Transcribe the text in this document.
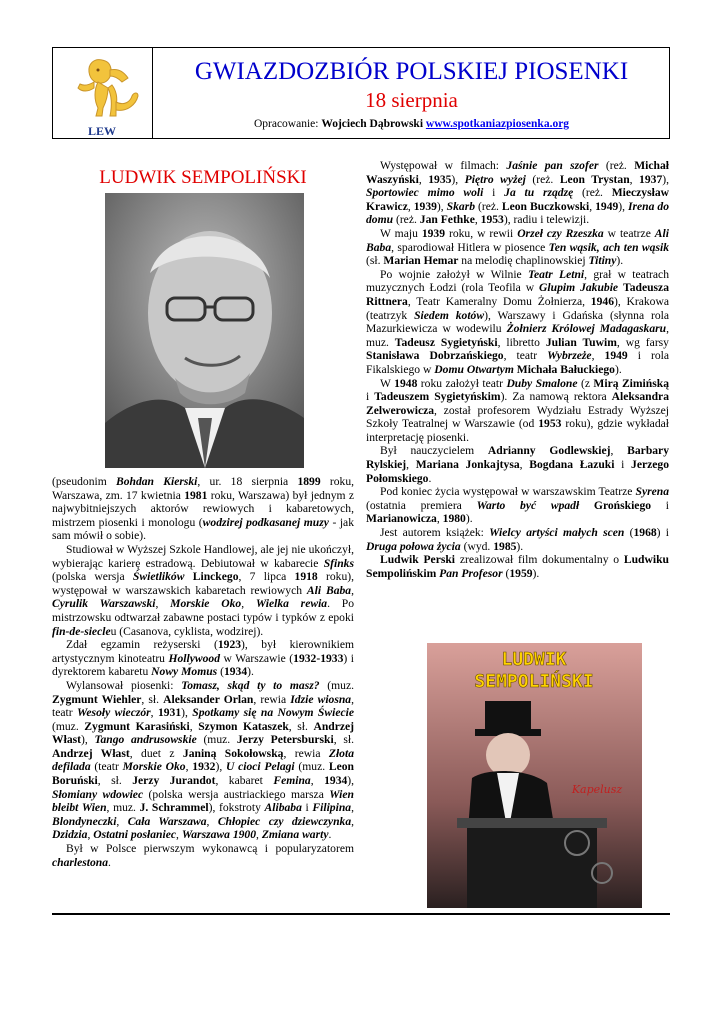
LEW
GWIAZDOZBIÓR POLSKIEJ PIOSENKI
18 sierpnia
Opracowanie: Wojciech Dąbrowski www.spotkaniazpiosenka.org
LUDWIK SEMPOLIŃSKI

(pseudonim Bohdan Kierski, ur. 18 sierpnia 1899 roku, Warszawa, zm. 17 kwietnia 1981 roku, Warszawa) był jednym z najwybitniejszych aktorów rewiowych i kabaretowych, mistrzem piosenki i monologu (wodzirej podkasanej muzy - jak sam mówił o sobie).

Studiował w Wyższej Szkole Handlowej, ale jej nie ukończył, wybierając karierę estradową. Debiutował w kabarecie Sfinks (polska wersja Świetlików Linckego, 7 lipca 1918 roku), występował w warszawskich kabaretach rewiowych Ali Baba, Cyrulik Warszawski, Morskie Oko, Wielka rewia. Po mistrzowsku odtwarzał zabawne postaci typów i typków z epoki fin-de-siecleu (Casanova, cyklista, wodzirej).

Zdał egzamin reżyserski (1923), był kierownikiem artystycznym kinoteatru Hollywood w Warszawie (1932-1933) i dyrektorem kabaretu Nowy Momus (1934).

Wylansował piosenki: Tomasz, skąd ty to masz? (muz. Zygmunt Wiehler, sł. Aleksander Orlan, rewia Idzie wiosna, teatr Wesoły wieczór, 1931), Spotkamy się na Nowym Świecie (muz. Zygmunt Karasiński, Szymon Kataszek, sł. Andrzej Włast), Tango andrusowskie (muz. Jerzy Petersburski, sł. Andrzej Włast, duet z Janiną Sokołowską, rewia Złota defilada (teatr Morskie Oko, 1932), U cioci Pelagi (muz. Leon Boruński, sł. Jerzy Jurandot, kabaret Femina, 1934), Słomiany wdowiec (polska wersja austriackiego marsza Wien bleibt Wien, muz. J. Schrammel), fokstroty Alibaba i Filipina, Blondyneczki, Cała Warszawa, Chłopiec czy dziewczynka, Dzidzia, Ostatni posłaniec, Warszawa 1900, Zmiana warty.

Był w Polsce pierwszym wykonawcą i popularyzatorem charlestona.

Występował w filmach: Jaśnie pan szofer (reż. Michał Waszyński, 1935), Piętro wyżej (reż. Leon Trystan, 1937), Sportowiec mimo woli i Ja tu rządzę (reż. Mieczysław Krawicz, 1939), Skarb (reż. Leon Buczkowski, 1949), Irena do domu (reż. Jan Fethke, 1953), radiu i telewizji.

W maju 1939 roku, w rewii Orzeł czy Rzeszka w teatrze Ali Baba, sparodiował Hitlera w piosence Ten wąsik, ach ten wąsik (sł. Marian Hemar na melodię chaplinowskiej Titiny).

Po wojnie założył w Wilnie Teatr Letni, grał w teatrach muzycznych Łodzi (rola Teofila w Glupim Jakubie Tadeusza Rittnera, Teatr Kameralny Domu Żołnierza, 1946), Krakowa (teatrzyk Siedem kotów), Warszawy i Gdańska (słynna rola Mazurkiewicza w wodewilu Żołnierz Królowej Madagaskaru, muz. Tadeusz Sygietyński, libretto Julian Tuwim, wg farsy Stanisława Dobrzańskiego, teatr Wybrzeże, 1949 i rola Fikalskiego w Domu Otwartym Michała Bałuckiego).

W 1948 roku założył teatr Duby Smalone (z Mirą Zimińską i Tadeuszem Sygietyńskim). Za namową rektora Aleksandra Zelwerowicza, został profesorem Wydziału Estrady Wyższej Szkoły Teatralnej w Warszawie (od 1953 roku), gdzie wykładał interpretację piosenki.

Był nauczycielem Adrianny Godlewskiej, Barbary Rylskiej, Mariana Jonkajtysa, Bogdana Łazuki i Jerzego Połomskiego.

Pod koniec życia występował w warszawskim Teatrze Syrena (ostatnia premiera Warto być wpadł Grońskiego i Marianowicza, 1980).

Jest autorem książek: Wielcy artyści małych scen (1968) i Druga połowa życia (wyd. 1985).

Ludwik Perski zrealizował film dokumentalny o Ludwiku Sempolińskim Pan Profesor (1959).

LUDWIK
SEMPOLIŃSKI
Kapelusz
